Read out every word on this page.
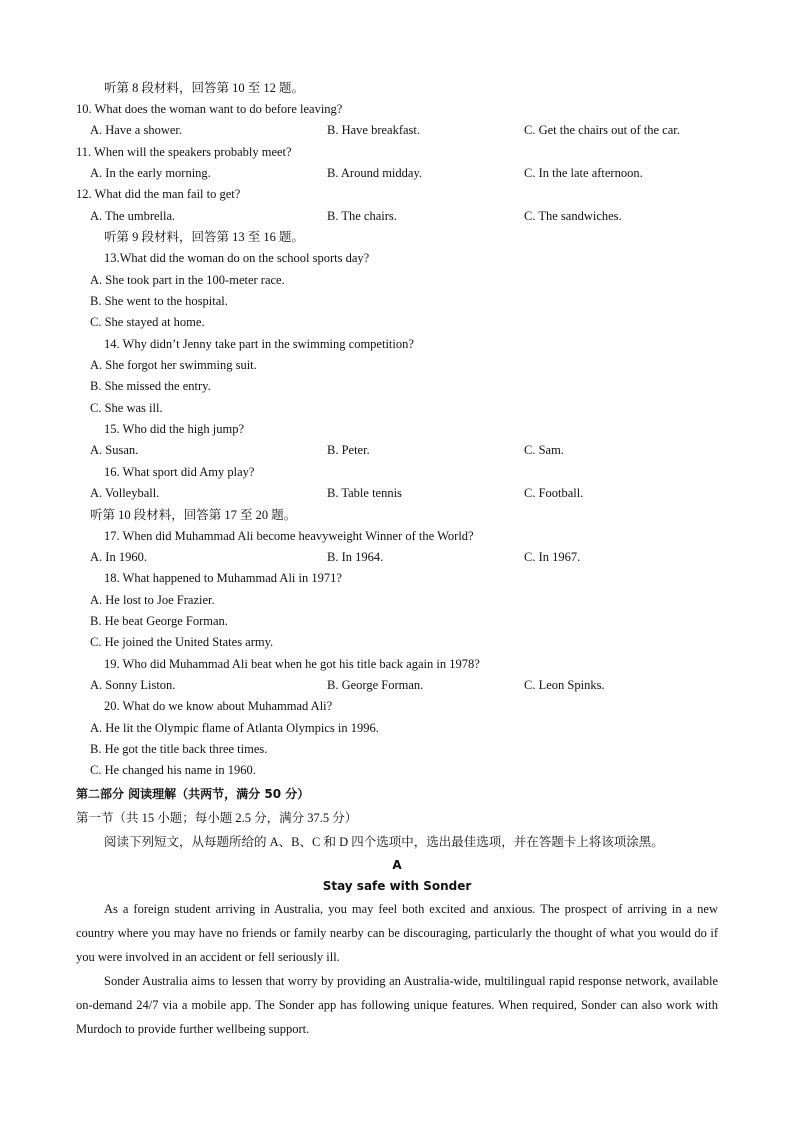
听第 8 段材料，回答第 10 至 12 题。
10. What does the woman want to do before leaving?
A. Have a shower.	B. Have breakfast.	C. Get the chairs out of the car.
11. When will the speakers probably meet?
A. In the early morning.	B. Around midday.	C. In the late afternoon.
12. What did the man fail to get?
A. The umbrella.	B. The chairs.	C. The sandwiches.
听第 9 段材料，回答第 13 至 16 题。
13.What did the woman do on the school sports day?
A. She took part in the 100-meter race.
B. She went to the hospital.
C. She stayed at home.
14. Why didn’t Jenny take part in the swimming competition?
A. She forgot her swimming suit.
B. She missed the entry.
C. She was ill.
15. Who did the high jump?
A. Susan.	B. Peter.	C. Sam.
16. What sport did Amy play?
A. Volleyball.	B. Table tennis	C. Football.
听第 10 段材料，回答第 17 至 20 题。
17. When did Muhammad Ali become heavyweight Winner of the World?
A. In 1960.	B. In 1964.	C. In 1967.
18. What happened to Muhammad Ali in 1971?
A. He lost to Joe Frazier.
B. He beat George Forman.
C. He joined the United States army.
19. Who did Muhammad Ali beat when he got his title back again in 1978?
A. Sonny Liston.	B. George Forman.	C. Leon Spinks.
20. What do we know about Muhammad Ali?
A. He lit the Olympic flame of Atlanta Olympics in 1996.
B. He got the title back three times.
C. He changed his name in 1960.
第二部分 阅读理解（共两节，满分 50 分）
第一节（共 15 小题；每小题 2.5 分，满分 37.5 分）
阅读下列短文，从每题所给的 A、B、C 和 D 四个选项中，选出最佳选项，并在答题卡上将该项涂黑。
A
Stay safe with Sonder
As a foreign student arriving in Australia, you may feel both excited and anxious. The prospect of arriving in a new country where you may have no friends or family nearby can be discouraging, particularly the thought of what you would do if you were involved in an accident or fell seriously ill.
Sonder Australia aims to lessen that worry by providing an Australia-wide, multilingual rapid response network, available on-demand 24/7 via a mobile app. The Sonder app has following unique features. When required, Sonder can also work with Murdoch to provide further wellbeing support.
